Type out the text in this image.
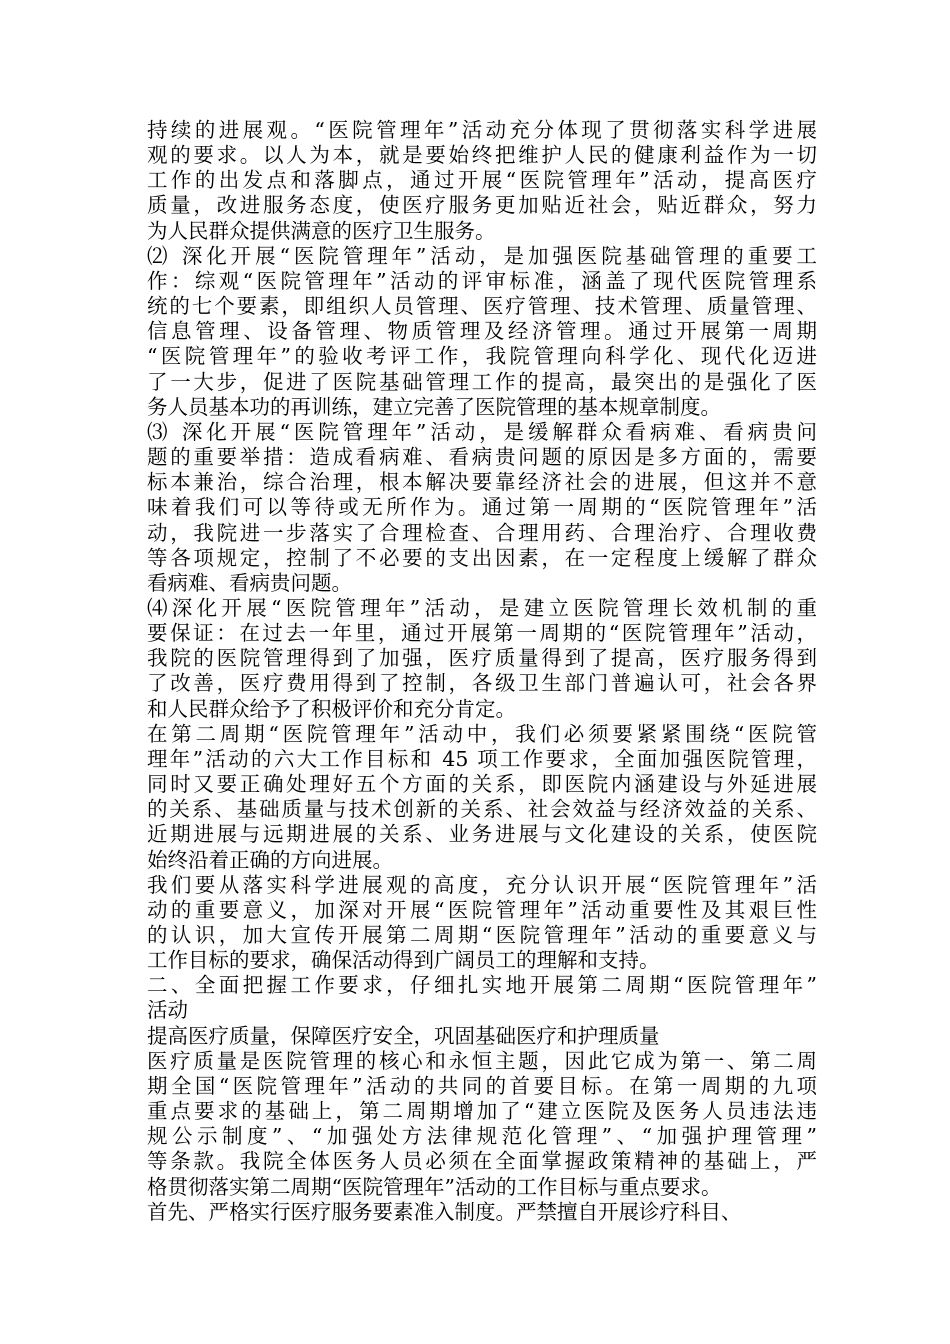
持续的进展观。“医院管理年”活动充分体现了贯彻落实科学进展
观的要求。以人为本，就是要始终把维护人民的健康利益作为一切
工作的出发点和落脚点，通过开展“医院管理年”活动，提高医疗
质量，改进服务态度，使医疗服务更加贴近社会，贴近群众，努力
为人民群众提供满意的医疗卫生服务。
⑵ 深化开展“医院管理年”活动，是加强医院基础管理的重要工
作：综观“医院管理年”活动的评审标准，涵盖了现代医院管理系
统的七个要素，即组织人员管理、医疗管理、技术管理、质量管理、
信息管理、设备管理、物质管理及经济管理。通过开展第一周期
“医院管理年”的验收考评工作，我院管理向科学化、现代化迈进
了一大步，促进了医院基础管理工作的提高，最突出的是强化了医
务人员基本功的再训练，建立完善了医院管理的基本规章制度。
⑶ 深化开展“医院管理年”活动，是缓解群众看病难、看病贵问
题的重要举措：造成看病难、看病贵问题的原因是多方面的，需要
标本兼治，综合治理，根本解决要靠经济社会的进展，但这并不意
味着我们可以等待或无所作为。通过第一周期的“医院管理年”活
动，我院进一步落实了合理检查、合理用药、合理治疗、合理收费
等各项规定，控制了不必要的支出因素，在一定程度上缓解了群众
看病难、看病贵问题。
⑷深化开展“医院管理年”活动，是建立医院管理长效机制的重
要保证：在过去一年里，通过开展第一周期的“医院管理年”活动，
我院的医院管理得到了加强，医疗质量得到了提高，医疗服务得到
了改善，医疗费用得到了控制，各级卫生部门普遍认可，社会各界
和人民群众给予了积极评价和充分肯定。
在第二周期“医院管理年”活动中，我们必须要紧紧围绕“医院管
理年”活动的六大工作目标和 45 项工作要求，全面加强医院管理，
同时又要正确处理好五个方面的关系，即医院内涵建设与外延进展
的关系、基础质量与技术创新的关系、社会效益与经济效益的关系、
近期进展与远期进展的关系、业务进展与文化建设的关系，使医院
始终沿着正确的方向进展。
我们要从落实科学进展观的高度，充分认识开展“医院管理年”活
动的重要意义，加深对开展“医院管理年”活动重要性及其艰巨性
的认识，加大宣传开展第二周期“医院管理年”活动的重要意义与
工作目标的要求，确保活动得到广阔员工的理解和支持。
二、全面把握工作要求，仔细扎实地开展第二周期“医院管理年”
活动
提高医疗质量，保障医疗安全，巩固基础医疗和护理质量
医疗质量是医院管理的核心和永恒主题，因此它成为第一、第二周
期全国“医院管理年”活动的共同的首要目标。在第一周期的九项
重点要求的基础上，第二周期增加了“建立医院及医务人员违法违
规公示制度”、“加强处方法律规范化管理”、“加强护理管理”
等条款。我院全体医务人员必须在全面掌握政策精神的基础上，严
格贯彻落实第二周期“医院管理年”活动的工作目标与重点要求。
首先、严格实行医疗服务要素准入制度。严禁擅自开展诊疗科目、
